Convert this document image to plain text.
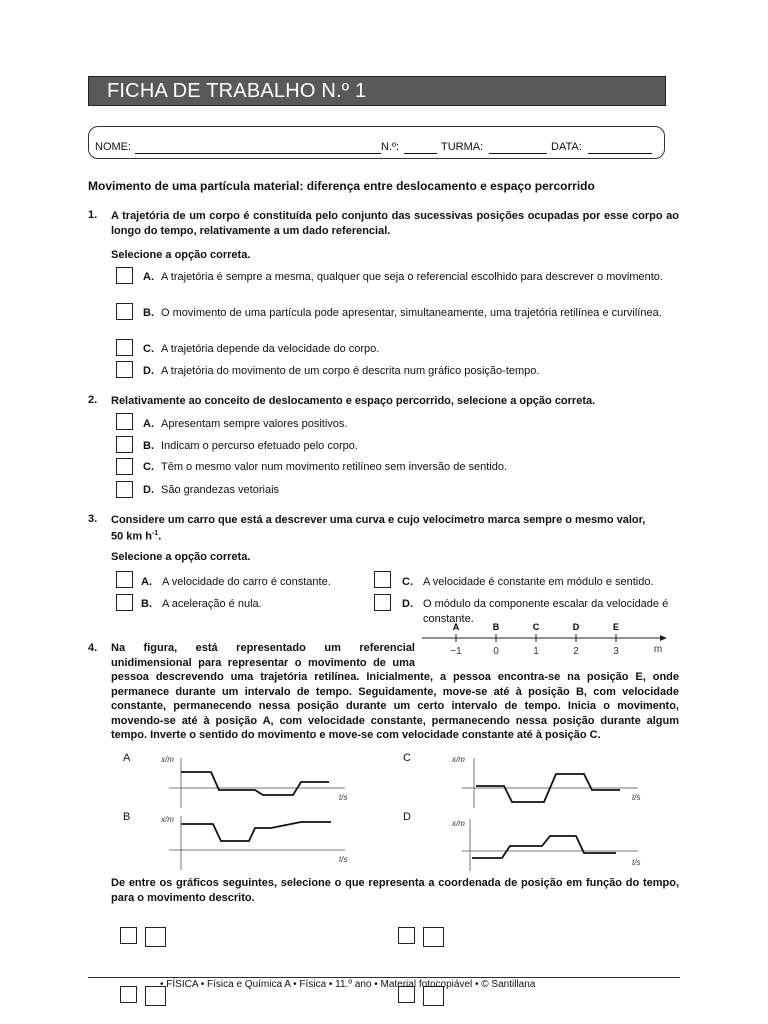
FICHA DE TRABALHO N.º 1
NOME:	N.º:	TURMA:	DATA:
Movimento de uma partícula material: diferença entre deslocamento e espaço percorrido
1. A trajetória de um corpo é constituída pelo conjunto das sucessivas posições ocupadas por esse corpo ao longo do tempo, relativamente a um dado referencial.
Selecione a opção correta.
A. A trajetória é sempre a mesma, qualquer que seja o referencial escolhido para descrever o movimento.
B. O movimento de uma partícula pode apresentar, simultaneamente, uma trajetória retilínea e curvilínea.
C. A trajetória depende da velocidade do corpo.
D. A trajetória do movimento de um corpo é descrita num gráfico posição-tempo.
2. Relativamente ao conceito de deslocamento e espaço percorrido, selecione a opção correta.
A. Apresentam sempre valores positivos.
B. Indicam o percurso efetuado pelo corpo.
C. Têm o mesmo valor num movimento retilíneo sem inversão de sentido.
D. São grandezas vetoriais
3. Considere um carro que está a descrever uma curva e cujo velocímetro marca sempre o mesmo valor,
50 km $h^{-1}$.
Selecione a opção correta.
A. A velocidade do carro é constante.
B. A aceleração é nula.
C. A velocidade é constante em módulo e sentido.
D. O módulo da componente escalar da velocidade é constante.
4. Na figura, está representado um referencial unidimensional para representar o movimento de uma
pessoa descrevendo uma trajetória retilínea. Inicialmente, a pessoa encontra-se na posição E, onde permanece durante um intervalo de tempo. Seguidamente, move-se até à posição B, com velocidade constante, permanecendo nessa posição durante um certo intervalo de tempo. Inicia o movimento, movendo-se até à posição A, com velocidade constante, permanecendo nessa posição durante algum tempo. Inverte o sentido do movimento e move-se com velocidade constante até à posição C.
A	B	C	D	E
−1	0	1	2	3	m
A	x/m
t/s
C	x/m
t/s
B	x/m
t/s
D
x/m
t/s
De entre os gráficos seguintes, selecione o que representa a coordenada de posição em função do tempo, para o movimento descrito.
• FÍSICA • Física e Química A • Física • 11.º ano • Material fotocopiável • © Santillana
